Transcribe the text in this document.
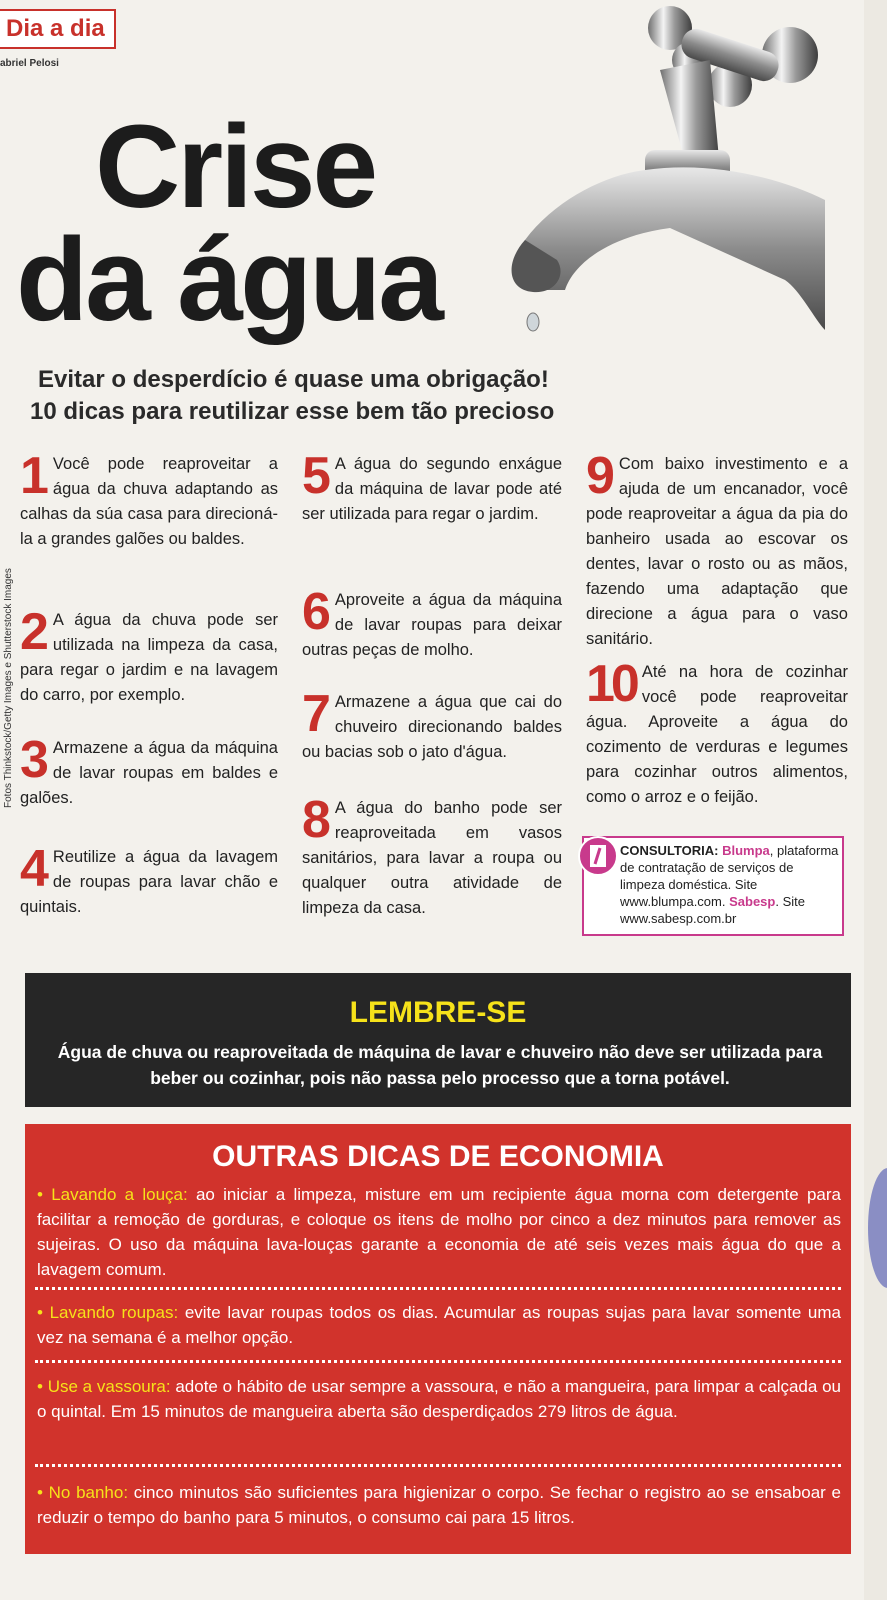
Dia a dia
abriel Pelosi
Fotos Thinkstock/Getty Images e Shutterstock Images
Crise
da água
Evitar o desperdício é quase uma obrigação!
10 dicas para reutilizar esse bem tão precioso
1 Você pode reaproveitar a água da chuva adaptando as calhas da súa casa para direcioná-la a grandes galões ou baldes.
2 A água da chuva pode ser utilizada na limpeza da casa, para regar o jardim e na lavagem do carro, por exemplo.
3 Armazene a água da máquina de lavar roupas em baldes e galões.
4 Reutilize a água da lavagem de roupas para lavar chão e quintais.
5 A água do segundo enxágue da máquina de lavar pode até ser utilizada para regar o jardim.
6 Aproveite a água da máquina de lavar roupas para deixar outras peças de molho.
7 Armazene a água que cai do chuveiro direcionando baldes ou bacias sob o jato d'água.
8 A água do banho pode ser reaproveitada em vasos sanitários, para lavar a roupa ou qualquer outra atividade de limpeza da casa.
9 Com baixo investimento e a ajuda de um encanador, você pode reaproveitar a água da pia do banheiro usada ao escovar os dentes, lavar o rosto ou as mãos, fazendo uma adaptação que direcione a água para o vaso sanitário.
10 Até na hora de cozinhar você pode reaproveitar água. Aproveite a água do cozimento de verduras e legumes para cozinhar outros alimentos, como o arroz e o feijão.
CONSULTORIA: Blumpa, plataforma de contratação de serviços de limpeza doméstica. Site www.blumpa.com. Sabesp. Site www.sabesp.com.br
LEMBRE-SE
Água de chuva ou reaproveitada de máquina de lavar e chuveiro não deve ser utilizada para beber ou cozinhar, pois não passa pelo processo que a torna potável.
OUTRAS DICAS DE ECONOMIA
• Lavando a louça: ao iniciar a limpeza, misture em um recipiente água morna com detergente para facilitar a remoção de gorduras, e coloque os itens de molho por cinco a dez minutos para remover as sujeiras. O uso da máquina lava-louças garante a economia de até seis vezes mais água do que a lavagem comum.
• Lavando roupas: evite lavar roupas todos os dias. Acumular as roupas sujas para lavar somente uma vez na semana é a melhor opção.
• Use a vassoura: adote o hábito de usar sempre a vassoura, e não a mangueira, para limpar a calçada ou o quintal. Em 15 minutos de mangueira aberta são desperdiçados 279 litros de água.
• No banho: cinco minutos são suficientes para higienizar o corpo. Se fechar o registro ao se ensaboar e reduzir o tempo do banho para 5 minutos, o consumo cai para 15 litros.
